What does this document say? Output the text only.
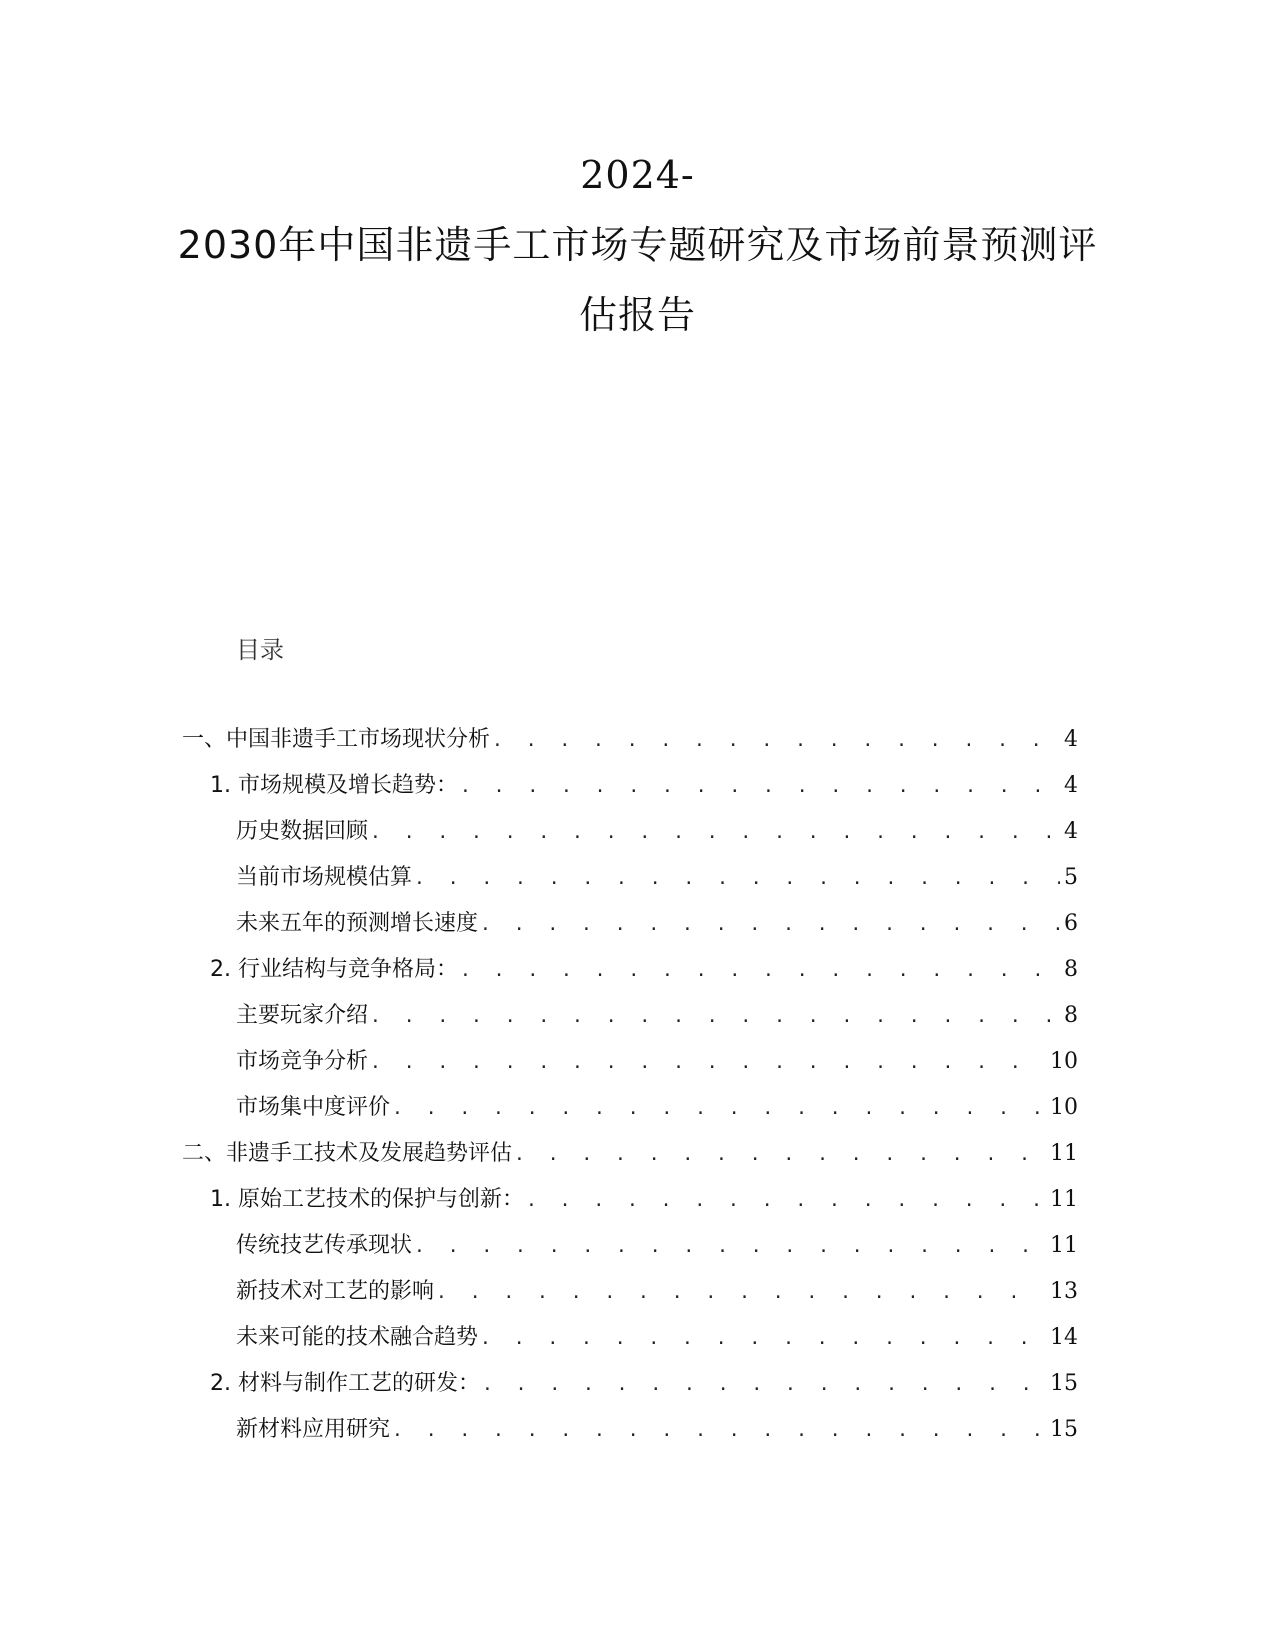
2024-
2030年中国非遗手工市场专题研究及市场前景预测评
估报告
目录
一、中国非遗手工市场现状分析 . . .	4
1. 市场规模及增长趋势： . . .	4
历史数据回顾 . . .	4
当前市场规模估算 . . .	5
未来五年的预测增长速度 . . .	6
2. 行业结构与竞争格局： . . .	8
主要玩家介绍 . . .	8
市场竞争分析 . . .	10
市场集中度评价 . . .	10
二、非遗手工技术及发展趋势评估 . . .	11
1. 原始工艺技术的保护与创新： . . .	11
传统技艺传承现状 . . .	11
新技术对工艺的影响 . . .	13
未来可能的技术融合趋势 . . .	14
2. 材料与制作工艺的研发： . . .	15
新材料应用研究 . . .	15
